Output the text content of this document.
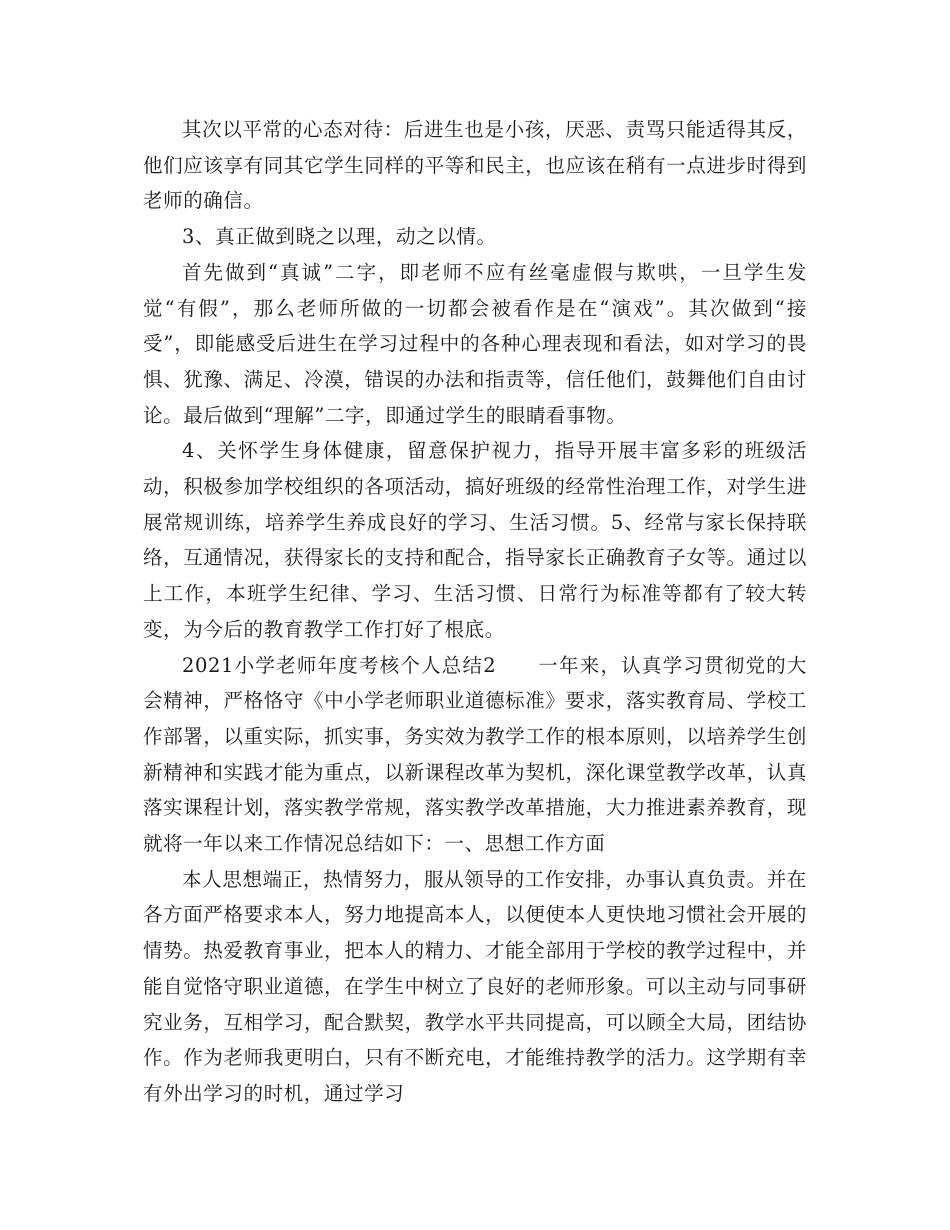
其次以平常的心态对待：后进生也是小孩，厌恶、责骂只能适得其反，他们应该享有同其它学生同样的平等和民主，也应该在稍有一点进步时得到老师的确信。

3、真正做到晓之以理，动之以情。

首先做到“真诚”二字，即老师不应有丝毫虚假与欺哄，一旦学生发觉“有假”，那么老师所做的一切都会被看作是在“演戏”。其次做到“接受”，即能感受后进生在学习过程中的各种心理表现和看法，如对学习的畏惧、犹豫、满足、冷漠，错误的办法和指责等，信任他们，鼓舞他们自由讨论。最后做到“理解”二字，即通过学生的眼睛看事物。

4、关怀学生身体健康，留意保护视力，指导开展丰富多彩的班级活动，积极参加学校组织的各项活动，搞好班级的经常性治理工作，对学生进展常规训练，培养学生养成良好的学习、生活习惯。5、经常与家长保持联络，互通情况，获得家长的支持和配合，指导家长正确教育子女等。通过以上工作，本班学生纪律、学习、生活习惯、日常行为标准等都有了较大转变，为今后的教育教学工作打好了根底。

2021小学老师年度考核个人总结2　　一年来，认真学习贯彻党的大会精神，严格恪守《中小学老师职业道德标准》要求，落实教育局、学校工作部署，以重实际，抓实事，务实效为教学工作的根本原则，以培养学生创新精神和实践才能为重点，以新课程改革为契机，深化课堂教学改革，认真落实课程计划，落实教学常规，落实教学改革措施，大力推进素养教育，现就将一年以来工作情况总结如下：一、思想工作方面

本人思想端正，热情努力，服从领导的工作安排，办事认真负责。并在各方面严格要求本人，努力地提高本人，以便使本人更快地习惯社会开展的情势。热爱教育事业，把本人的精力、才能全部用于学校的教学过程中，并能自觉恪守职业道德，在学生中树立了良好的老师形象。可以主动与同事研究业务，互相学习，配合默契，教学水平共同提高，可以顾全大局，团结协作。作为老师我更明白，只有不断充电，才能维持教学的活力。这学期有幸有外出学习的时机，通过学习
